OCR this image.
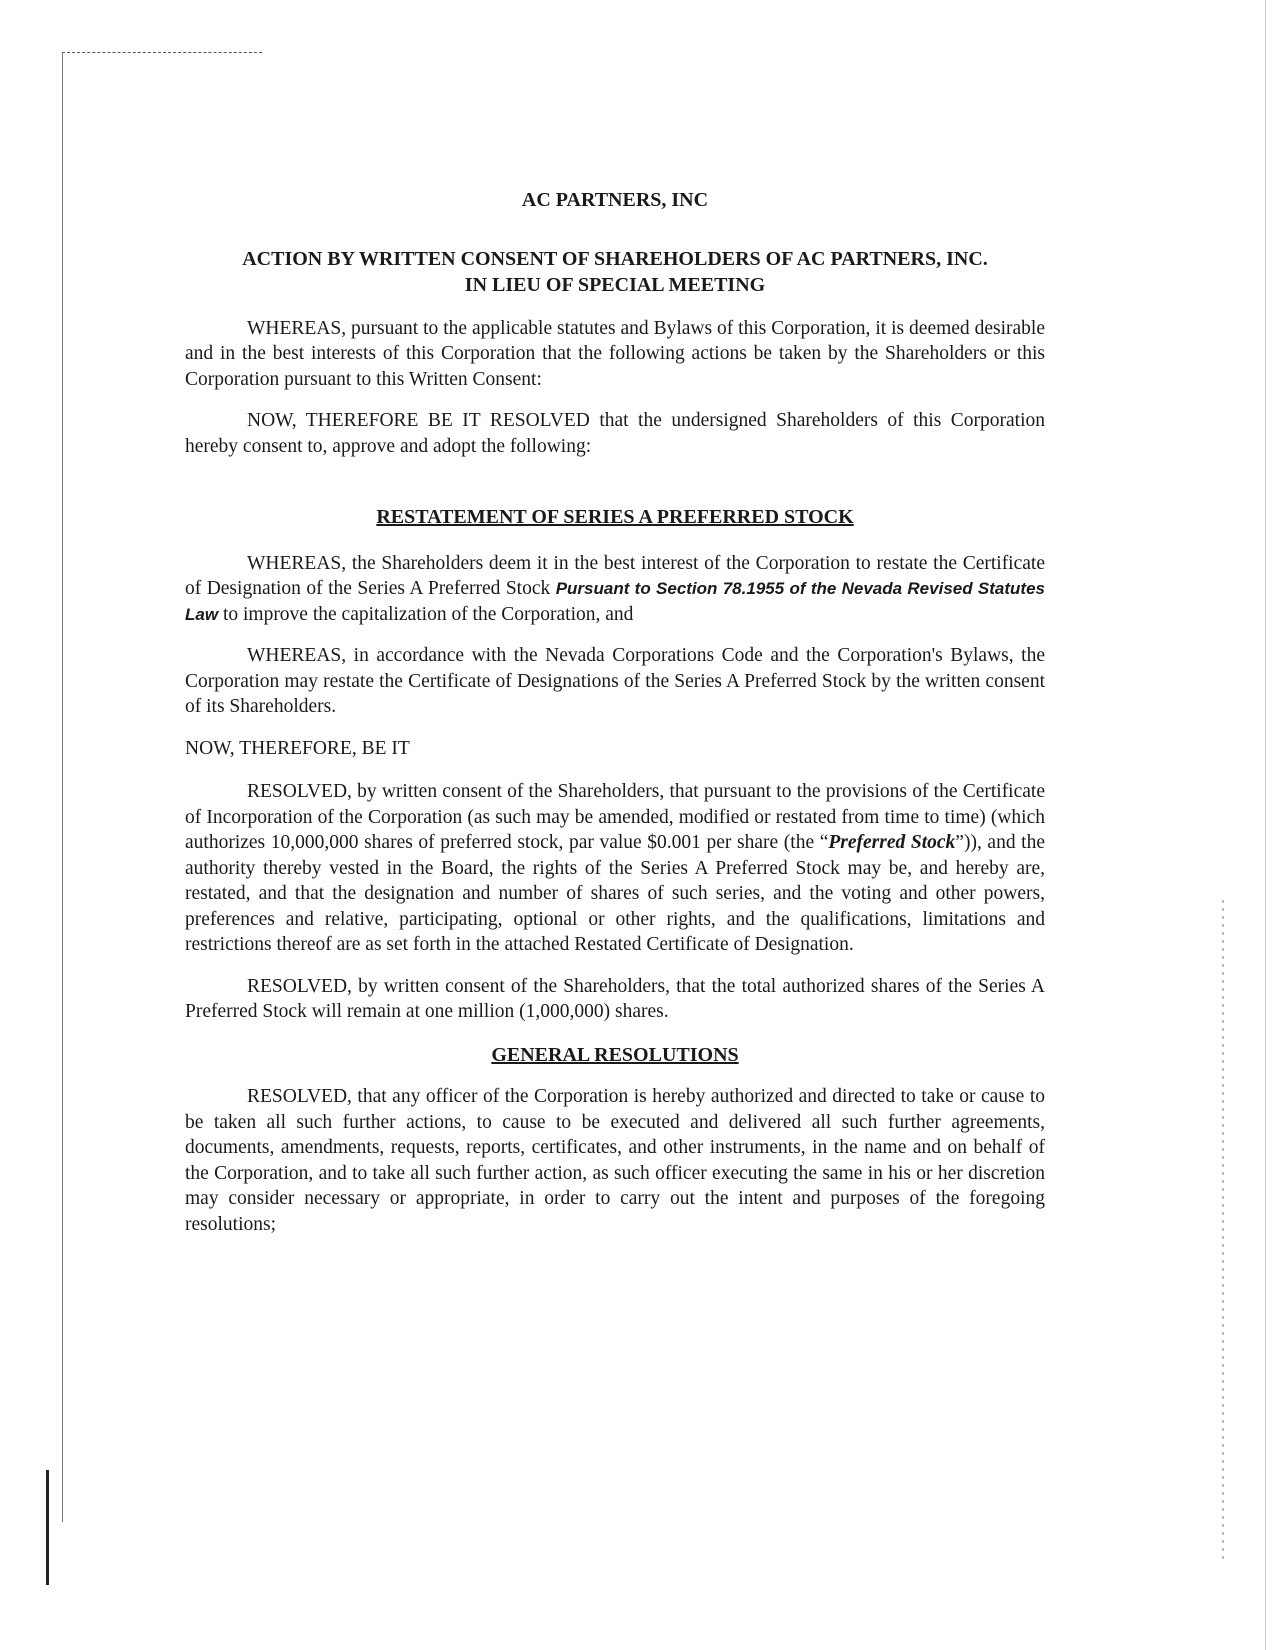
AC PARTNERS, INC

ACTION BY WRITTEN CONSENT OF SHAREHOLDERS OF AC PARTNERS, INC.
IN LIEU OF SPECIAL MEETING

WHEREAS, pursuant to the applicable statutes and Bylaws of this Corporation, it is deemed desirable and in the best interests of this Corporation that the following actions be taken by the Shareholders or this Corporation pursuant to this Written Consent:

NOW, THEREFORE BE IT RESOLVED that the undersigned Shareholders of this Corporation hereby consent to, approve and adopt the following:

RESTATEMENT OF SERIES A PREFERRED STOCK

WHEREAS, the Shareholders deem it in the best interest of the Corporation to restate the Certificate of Designation of the Series A Preferred Stock Pursuant to Section 78.1955 of the Nevada Revised Statutes Law to improve the capitalization of the Corporation, and

WHEREAS, in accordance with the Nevada Corporations Code and the Corporation's Bylaws, the Corporation may restate the Certificate of Designations of the Series A Preferred Stock by the written consent of its Shareholders.

NOW, THEREFORE, BE IT

RESOLVED, by written consent of the Shareholders, that pursuant to the provisions of the Certificate of Incorporation of the Corporation (as such may be amended, modified or restated from time to time) (which authorizes 10,000,000 shares of preferred stock, par value $0.001 per share (the “Preferred Stock”)), and the authority thereby vested in the Board, the rights of the Series A Preferred Stock may be, and hereby are, restated, and that the designation and number of shares of such series, and the voting and other powers, preferences and relative, participating, optional or other rights, and the qualifications, limitations and restrictions thereof are as set forth in the attached Restated Certificate of Designation.

RESOLVED, by written consent of the Shareholders, that the total authorized shares of the Series A Preferred Stock will remain at one million (1,000,000) shares.

GENERAL RESOLUTIONS

RESOLVED, that any officer of the Corporation is hereby authorized and directed to take or cause to be taken all such further actions, to cause to be executed and delivered all such further agreements, documents, amendments, requests, reports, certificates, and other instruments, in the name and on behalf of the Corporation, and to take all such further action, as such officer executing the same in his or her discretion may consider necessary or appropriate, in order to carry out the intent and purposes of the foregoing resolutions;
